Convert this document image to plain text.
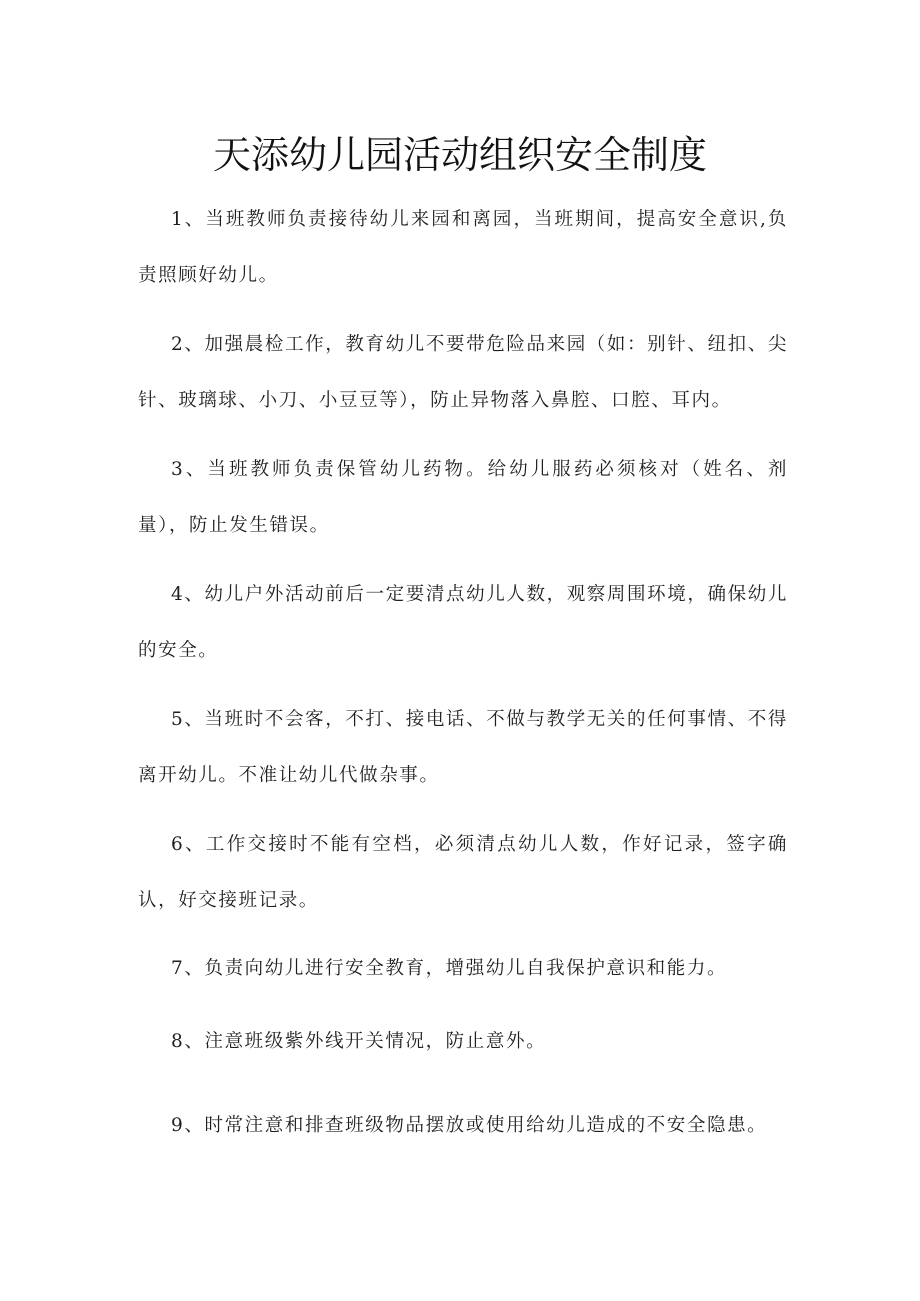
天添幼儿园活动组织安全制度

1、当班教师负责接待幼儿来园和离园，当班期间，提高安全意识,负责照顾好幼儿。

2、加强晨检工作，教育幼儿不要带危险品来园（如：别针、纽扣、尖针、玻璃球、小刀、小豆豆等），防止异物落入鼻腔、口腔、耳内。

3、当班教师负责保管幼儿药物。给幼儿服药必须核对（姓名、剂量），防止发生错误。

4、幼儿户外活动前后一定要清点幼儿人数，观察周围环境，确保幼儿的安全。

5、当班时不会客，不打、接电话、不做与教学无关的任何事情、不得离开幼儿。不准让幼儿代做杂事。

6、工作交接时不能有空档，必须清点幼儿人数，作好记录，签字确认，好交接班记录。

7、负责向幼儿进行安全教育，增强幼儿自我保护意识和能力。

8、注意班级紫外线开关情况，防止意外。

9、时常注意和排查班级物品摆放或使用给幼儿造成的不安全隐患。
